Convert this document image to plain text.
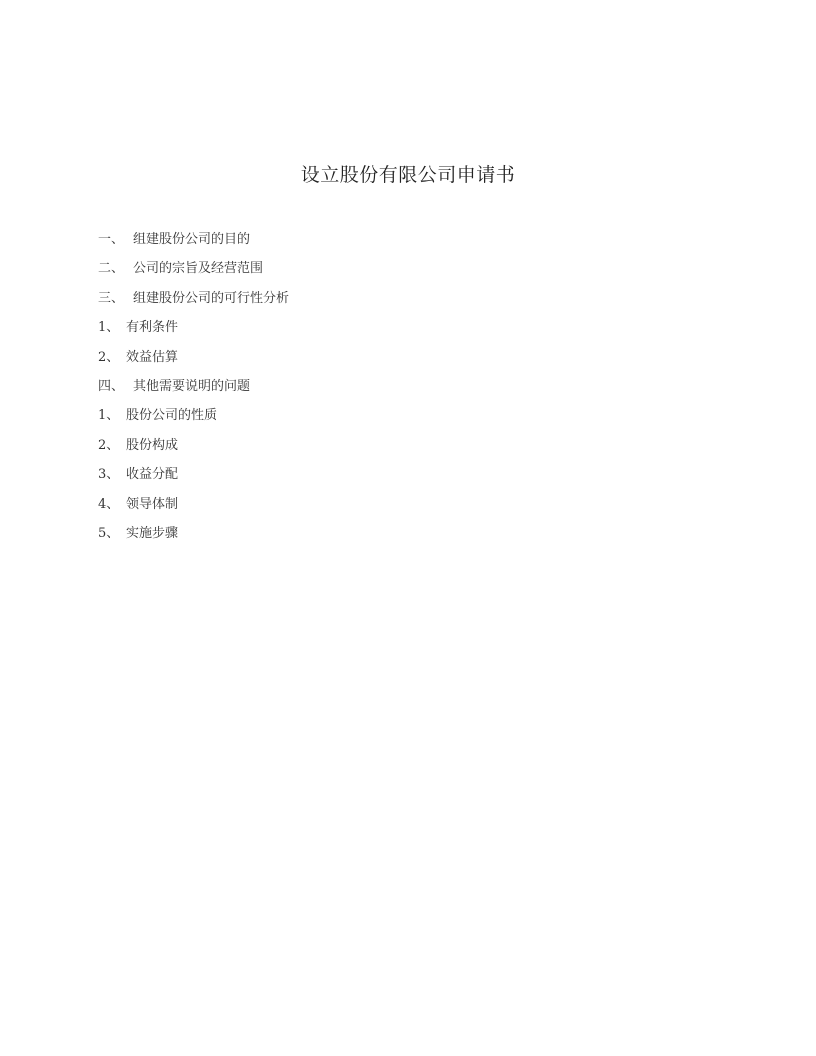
设立股份有限公司申请书
一、 组建股份公司的目的
二、 公司的宗旨及经营范围
三、 组建股份公司的可行性分析
1、 有利条件
2、 效益估算
四、 其他需要说明的问题
1、 股份公司的性质
2、 股份构成
3、 收益分配
4、 领导体制
5、 实施步骤
